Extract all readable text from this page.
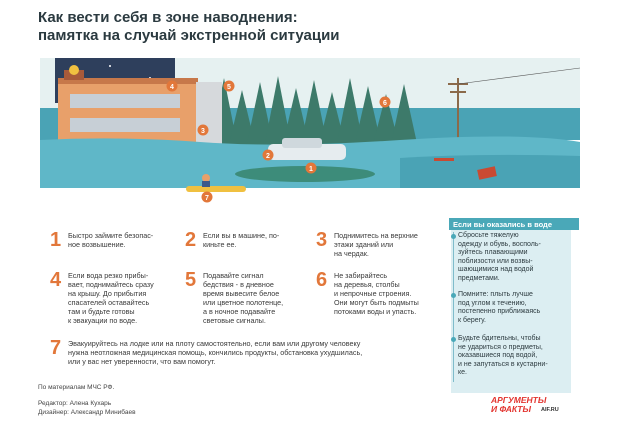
Как вести себя в зоне наводнения:
памятка на случай экстренной ситуации
1
2
3
4	5
6
7
1 Быстро займите безопас-
ное возвышение.	2 Если вы в машине, по-
киньте ее.	3 Поднимитесь на верхние
этажи зданий или
на чердак.
4 Если вода резко прибы-
вает, поднимайтесь сразу
на крышу. До прибытия
спасателей оставайтесь
там и будьте готовы
к эвакуации по воде.
5 Подавайте сигнал
бедствия - в дневное
время вывесите белое
или цветное полотенце,
а в ночное подавайте
световые сигналы.
6 Не забирайтесь
на деревья, столбы
и непрочные строения.
Они могут быть подмыты
потоками воды и упасть.
7 Эвакуируйтесь на лодке или на плоту самостоятельно, если вам или другому человеку
нужна неотложная медицинская помощь, кончились продукты, обстановка ухудшилась,
или у вас нет уверенности, что вам помогут.
Если вы оказались в воде
Сбросьте тяжелую
одежду и обувь, восполь-
зуйтесь плавающими
поблизости или возвы-
шающимися над водой
предметами.
Помните: плыть лучше
под углом к течению,
постепенно приближаясь
к берегу.
Будьте бдительны, чтобы
не удариться о предметы,
оказавшиеся под водой,
и не запутаться в кустарни-
ке.
По материалам МЧС РФ.
Редактор: Алена Кухарь
Дизайнер: Александр Минибаев
АРГУМЕНТЫ
И ФАКТЫ AIF.RU
